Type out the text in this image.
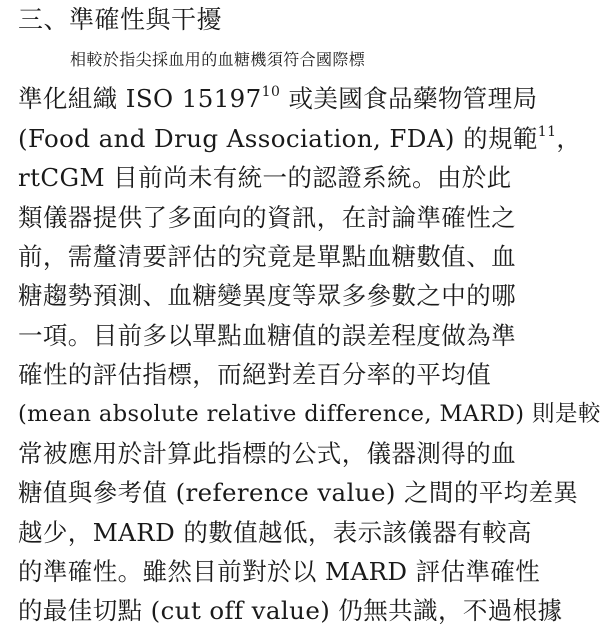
三、準確性與干擾
相較於指尖採血用的血糖機須符合國際標
準化組織 ISO 15197$^{10}$ 或美國食品藥物管理局
(Food and Drug Association, FDA) 的規範$^{11}$，
rtCGM 目前尚未有統一的認證系統。由於此
類儀器提供了多面向的資訊，在討論準確性之
前，需釐清要評估的究竟是單點血糖數值、血
糖趨勢預測、血糖變異度等眾多參數之中的哪
一項。目前多以單點血糖值的誤差程度做為準
確性的評估指標，而絕對差百分率的平均值
(mean absolute relative difference, MARD) 則是較
常被應用於計算此指標的公式，儀器測得的血
糖值與參考值 (reference value) 之間的平均差異
越少，MARD 的數值越低，表示該儀器有較高
的準確性。雖然目前對於以 MARD 評估準確性
的最佳切點 (cut off value) 仍無共識，不過根據
